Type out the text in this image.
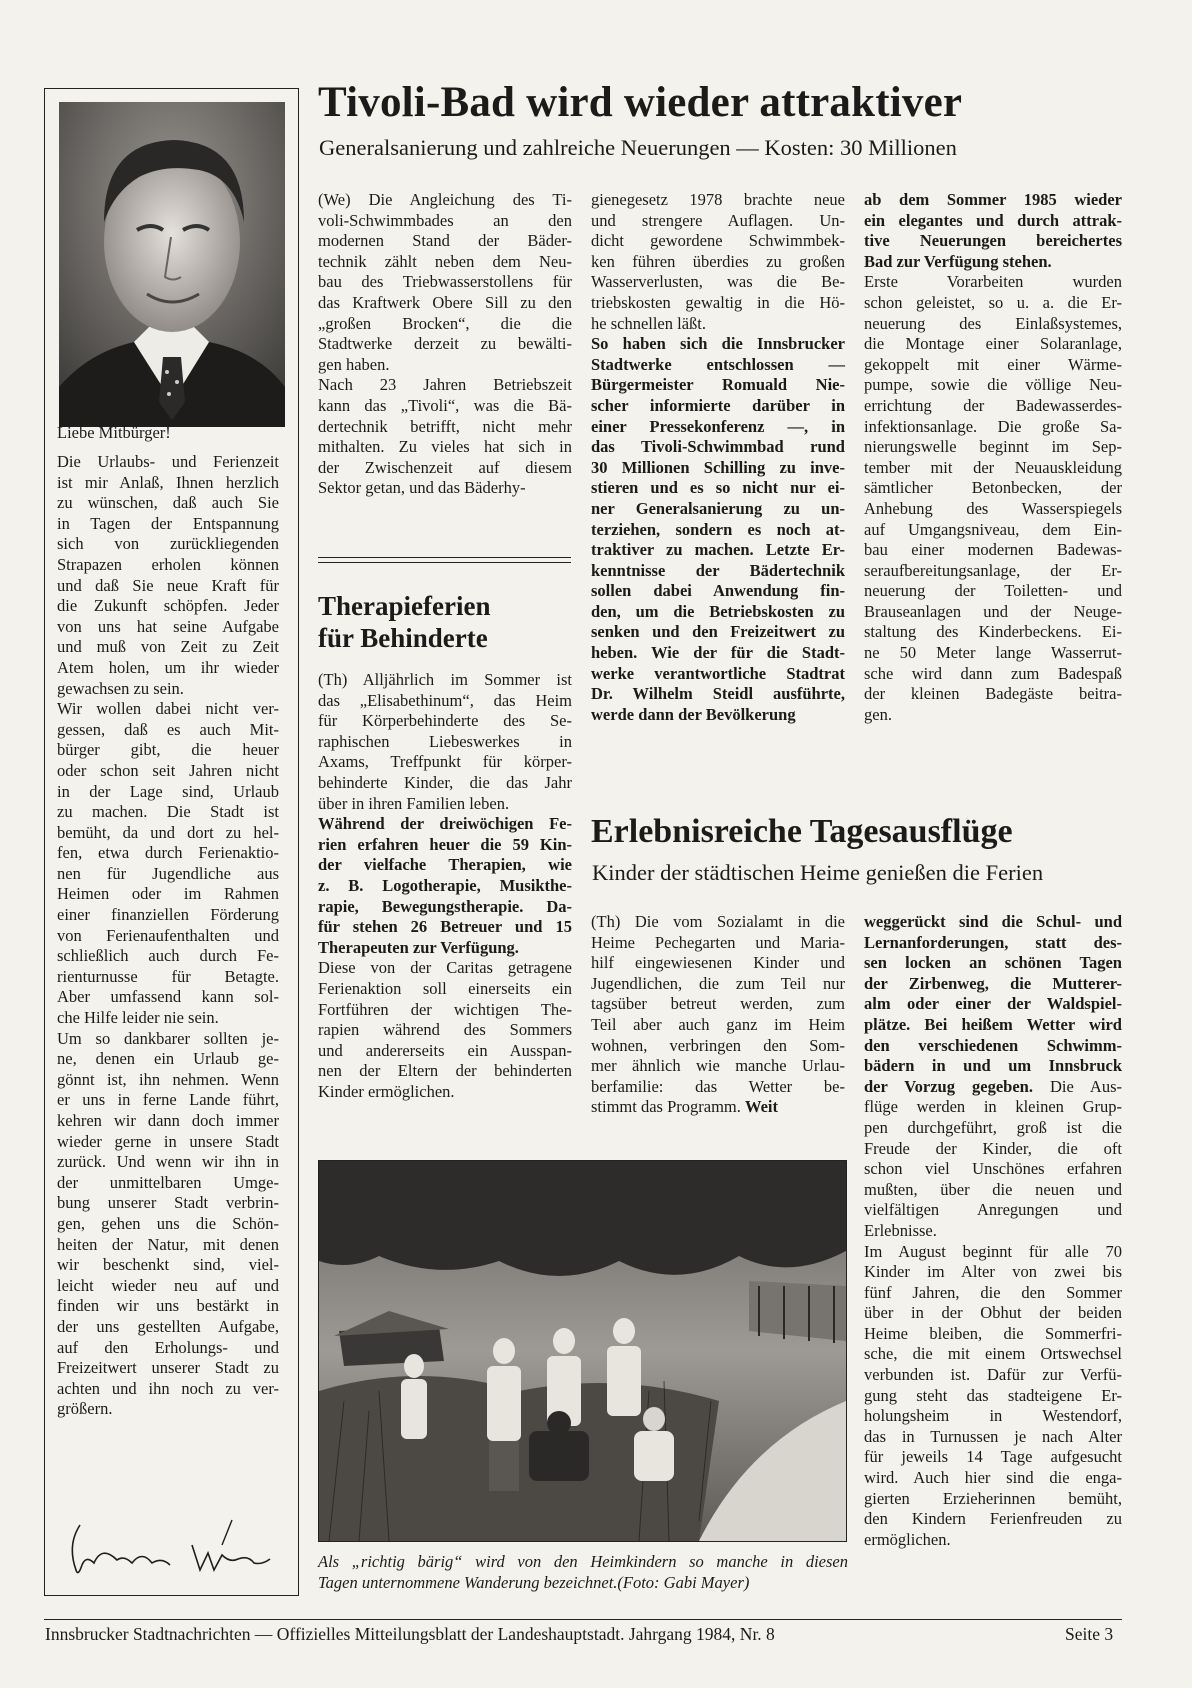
Liebe Mitbürger!
Die Urlaubs- und Ferienzeit
ist mir Anlaß, Ihnen herzlich
zu wünschen, daß auch Sie
in Tagen der Entspannung
sich von zurückliegenden
Strapazen erholen können
und daß Sie neue Kraft für
die Zukunft schöpfen. Jeder
von uns hat seine Aufgabe
und muß von Zeit zu Zeit
Atem holen, um ihr wieder
gewachsen zu sein.
Wir wollen dabei nicht ver-
gessen, daß es auch Mit-
bürger gibt, die heuer
oder schon seit Jahren nicht
in der Lage sind, Urlaub
zu machen. Die Stadt ist
bemüht, da und dort zu hel-
fen, etwa durch Ferienaktio-
nen für Jugendliche aus
Heimen oder im Rahmen
einer finanziellen Förderung
von Ferienaufenthalten und
schließlich auch durch Fe-
rienturnusse für Betagte.
Aber umfassend kann sol-
che Hilfe leider nie sein.
Um so dankbarer sollten je-
ne, denen ein Urlaub ge-
gönnt ist, ihn nehmen. Wenn
er uns in ferne Lande führt,
kehren wir dann doch immer
wieder gerne in unsere Stadt
zurück. Und wenn wir ihn in
der unmittelbaren Umge-
bung unserer Stadt verbrin-
gen, gehen uns die Schön-
heiten der Natur, mit denen
wir beschenkt sind, viel-
leicht wieder neu auf und
finden wir uns bestärkt in
der uns gestellten Aufgabe,
auf den Erholungs- und
Freizeitwert unserer Stadt zu
achten und ihn noch zu ver-
größern.
Tivoli-Bad wird wieder attraktiver
Generalsanierung und zahlreiche Neuerungen — Kosten: 30 Millionen
(We) Die Angleichung des Ti-
voli-Schwimmbades an den
modernen Stand der Bäder-
technik zählt neben dem Neu-
bau des Triebwasserstollens für
das Kraftwerk Obere Sill zu den
„großen Brocken“, die die
Stadtwerke derzeit zu bewälti-
gen haben.
Nach 23 Jahren Betriebszeit
kann das „Tivoli“, was die Bä-
dertechnik betrifft, nicht mehr
mithalten. Zu vieles hat sich in
der Zwischenzeit auf diesem
Sektor getan, und das Bäderhy-
gienegesetz 1978 brachte neue
und strengere Auflagen. Un-
dicht gewordene Schwimmbek-
ken führen überdies zu großen
Wasserverlusten, was die Be-
triebskosten gewaltig in die Hö-
he schnellen läßt.
So haben sich die Innsbrucker
Stadtwerke entschlossen —
Bürgermeister Romuald Nie-
scher informierte darüber in
einer Pressekonferenz —, in
das Tivoli-Schwimmbad rund
30 Millionen Schilling zu inve-
stieren und es so nicht nur ei-
ner Generalsanierung zu un-
terziehen, sondern es noch at-
traktiver zu machen. Letzte Er-
kenntnisse der Bädertechnik
sollen dabei Anwendung fin-
den, um die Betriebskosten zu
senken und den Freizeitwert zu
heben. Wie der für die Stadt-
werke verantwortliche Stadtrat
Dr. Wilhelm Steidl ausführte,
werde dann der Bevölkerung
ab dem Sommer 1985 wieder
ein elegantes und durch attrak-
tive Neuerungen bereichertes
Bad zur Verfügung stehen.
Erste Vorarbeiten wurden
schon geleistet, so u. a. die Er-
neuerung des Einlaßsystemes,
die Montage einer Solaranlage,
gekoppelt mit einer Wärme-
pumpe, sowie die völlige Neu-
errichtung der Badewasserdes-
infektionsanlage. Die große Sa-
nierungswelle beginnt im Sep-
tember mit der Neuauskleidung
sämtlicher Betonbecken, der
Anhebung des Wasserspiegels
auf Umgangsniveau, dem Ein-
bau einer modernen Badewas-
seraufbereitungsanlage, der Er-
neuerung der Toiletten- und
Brauseanlagen und der Neuge-
staltung des Kinderbeckens. Ei-
ne 50 Meter lange Wasserrut-
sche wird dann zum Badespaß
der kleinen Badegäste beitra-
gen.
Therapieferien
für Behinderte
(Th) Alljährlich im Sommer ist
das „Elisabethinum“, das Heim
für Körperbehinderte des Se-
raphischen Liebeswerkes in
Axams, Treffpunkt für körper-
behinderte Kinder, die das Jahr
über in ihren Familien leben.
Während der dreiwöchigen Fe-
rien erfahren heuer die 59 Kin-
der vielfache Therapien, wie
z. B. Logotherapie, Musikthe-
rapie, Bewegungstherapie. Da-
für stehen 26 Betreuer und 15
Therapeuten zur Verfügung.
Diese von der Caritas getragene
Ferienaktion soll einerseits ein
Fortführen der wichtigen The-
rapien während des Sommers
und andererseits ein Ausspan-
nen der Eltern der behinderten
Kinder ermöglichen.
Erlebnisreiche Tagesausflüge
Kinder der städtischen Heime genießen die Ferien
(Th) Die vom Sozialamt in die
Heime Pechegarten und Maria-
hilf eingewiesenen Kinder und
Jugendlichen, die zum Teil nur
tagsüber betreut werden, zum
Teil aber auch ganz im Heim
wohnen, verbringen den Som-
mer ähnlich wie manche Urlau-
berfamilie: das Wetter be-
stimmt das Programm. Weit
weggerückt sind die Schul- und
Lernanforderungen, statt des-
sen locken an schönen Tagen
der Zirbenweg, die Mutterer-
alm oder einer der Waldspiel-
plätze. Bei heißem Wetter wird
den verschiedenen Schwimm-
bädern in und um Innsbruck
der Vorzug gegeben. Die Aus-
flüge werden in kleinen Grup-
pen durchgeführt, groß ist die
Freude der Kinder, die oft
schon viel Unschönes erfahren
mußten, über die neuen und
vielfältigen Anregungen und
Erlebnisse.
Im August beginnt für alle 70
Kinder im Alter von zwei bis
fünf Jahren, die den Sommer
über in der Obhut der beiden
Heime bleiben, die Sommerfri-
sche, die mit einem Ortswechsel
verbunden ist. Dafür zur Verfü-
gung steht das stadteigene Er-
holungsheim in Westendorf,
das in Turnussen je nach Alter
für jeweils 14 Tage aufgesucht
wird. Auch hier sind die enga-
gierten Erzieherinnen bemüht,
den Kindern Ferienfreuden zu
ermöglichen.
Als „richtig bärig“ wird von den Heimkindern so manche in diesen
Tagen unternommene Wanderung bezeichnet.(Foto: Gabi Mayer)
Innsbrucker Stadtnachrichten — Offizielles Mitteilungsblatt der Landeshauptstadt. Jahrgang 1984, Nr. 8	Seite 3
